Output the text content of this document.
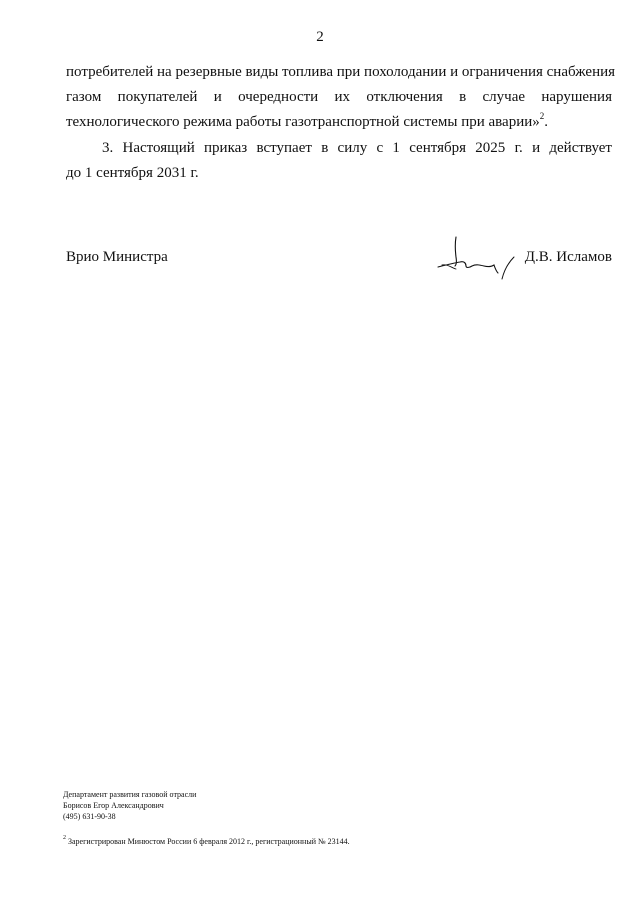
2
потребителей на резервные виды топлива при похолодании и ограничения снабжения
газом покупателей и очередности их отключения в случае нарушения
технологического режима работы газотранспортной системы при аварии»$^2$.
3. Настоящий приказ вступает в силу с 1 сентября 2025 г. и действует
до 1 сентября 2031 г.
Врио Министра	Д.В. Исламов
Департамент развития газовой отрасли
Борисов Егор Александрович
(495) 631-90-38
$^2$ Зарегистрирован Минюстом России 6 февраля 2012 г., регистрационный № 23144.
